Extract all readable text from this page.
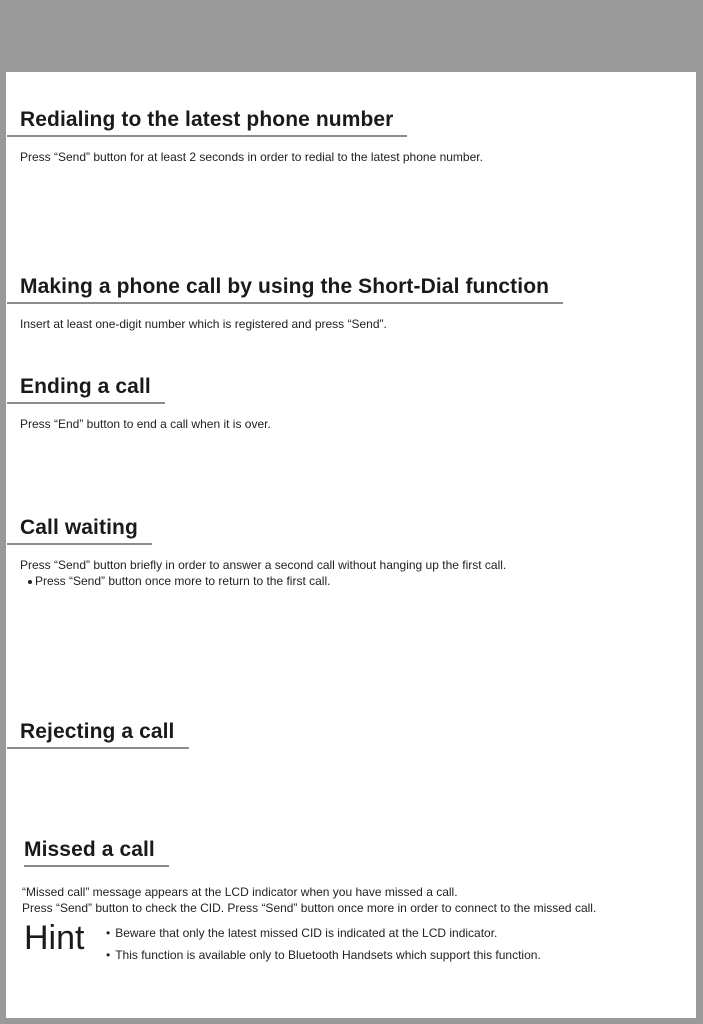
Redialing to the latest phone number
Press “Send” button for at least 2 seconds in order to redial to the latest phone number.
Making a phone call by using the Short-Dial function
Insert at least one-digit number which is registered and press “Send”.
Ending a call
Press “End” button to end a call when it is over.
Call waiting
Press “Send” button briefly in order to answer a second call without hanging up the first call.
Press “Send” button once more to return to the first call.
Rejecting a call
Missed a call
“Missed call” message appears at the LCD indicator when you have missed a call.
Press “Send” button to check the CID. Press “Send” button once more in order to connect to the missed call.
Hint
•	Beware that only the latest missed CID is indicated at the LCD indicator.
• This function is available only to Bluetooth Handsets which support this function.
